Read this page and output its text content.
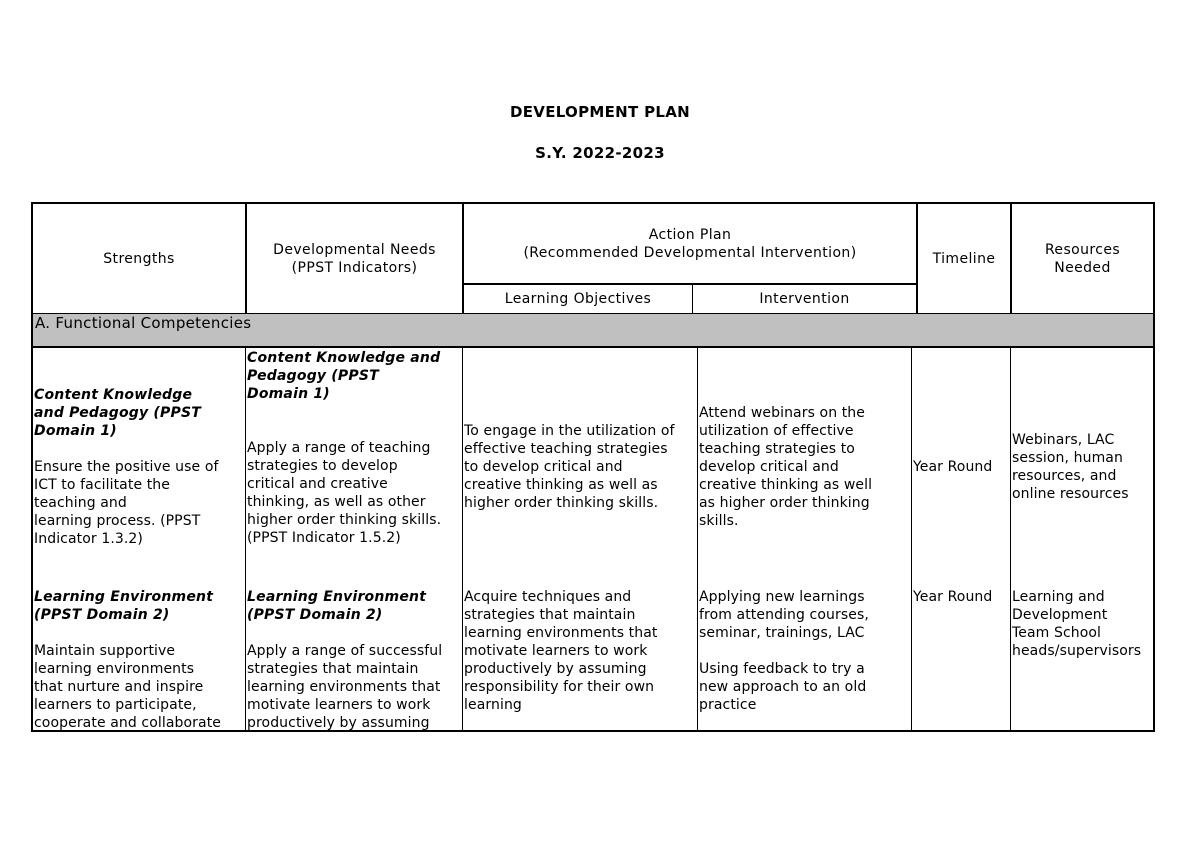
DEVELOPMENT PLAN
S.Y. 2022-2023
Strengths
Developmental Needs
(PPST Indicators)
Action Plan
(Recommended Developmental Intervention)
Learning Objectives	Intervention
Timeline
Resources
Needed
A. Functional Competencies
Content Knowledge
and Pedagogy (PPST
Domain 1)
Ensure the positive use of
ICT to facilitate the
teaching and
learning process. (PPST
Indicator 1.3.2)
Content Knowledge and
Pedagogy (PPST
Domain 1)
Apply a range of teaching
strategies to develop
critical and creative
thinking, as well as other
higher order thinking skills.
(PPST Indicator 1.5.2)
To engage in the utilization of
effective teaching strategies
to develop critical and
creative thinking as well as
higher order thinking skills.
Attend webinars on the
utilization of effective
teaching strategies to
develop critical and
creative thinking as well
as higher order thinking
skills.
Year Round
Webinars, LAC
session, human
resources, and
online resources
Learning Environment
(PPST Domain 2)
Maintain supportive
learning environments
that nurture and inspire
learners to participate,
cooperate and collaborate
Learning Environment
(PPST Domain 2)
Apply a range of successful
strategies that maintain
learning environments that
motivate learners to work
productively by assuming
Acquire techniques and
strategies that maintain
learning environments that
motivate learners to work
productively by assuming
responsibility for their own
learning
Applying new learnings
from attending courses,
seminar, trainings, LAC
Using feedback to try a
new approach to an old
practice
Year Round	Learning and
Development
Team School
heads/supervisors
